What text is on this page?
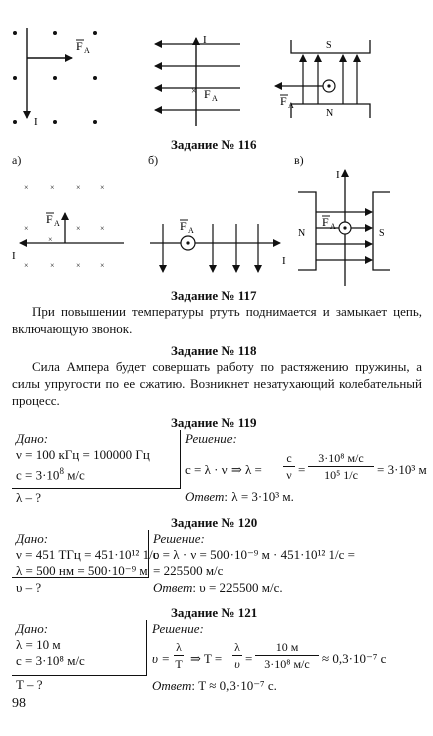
F A
I
I
× F A
S
N
F A
×	×	× ×
×
×
× ×
×	×	× ×
I
F A
I
F A	N	S
I
F A
Задание № 116
а)	б)	в)
Задание № 117
При повышении температуры ртуть поднимается и замыкает цепь, включающую звонок.
Задание № 118
Сила Ампера будет совершать работу по растяжению пружины, а силы упругости по ее сжатию. Возникнет незатухающий колебательный процесс.
Задание № 119
Дано:
ν = 100 кГц = 100000 Гц
$c = 3\cdot 10^8$ м/с
λ – ?
Решение:
c = λ · ν ⇒ λ =
c
ν =
3·10⁸ м/с
10⁵ 1/с	= 3·10³ м
Ответ: λ = 3·10³ м.
Задание № 120
Дано:
ν = 451 ТГц = 451·10¹² 1/с
λ = 500 нм = 500·10⁻⁹ м
υ – ?
Решение:
υ = λ · ν = 500·10⁻⁹ м · 451·10¹² 1/с =
= 225500 м/с
Ответ: υ = 225500 м/с.
Задание № 121
Дано:
λ = 10 м
c = 3·10⁸ м/с
T – ?
Решение:
υ =
λ
T ⇒ T =
λ
υ =
10 м
3·10⁸ м/с ≈ 0,3·10⁻⁷ с
Ответ: T ≈ 0,3·10⁻⁷ с.
98
